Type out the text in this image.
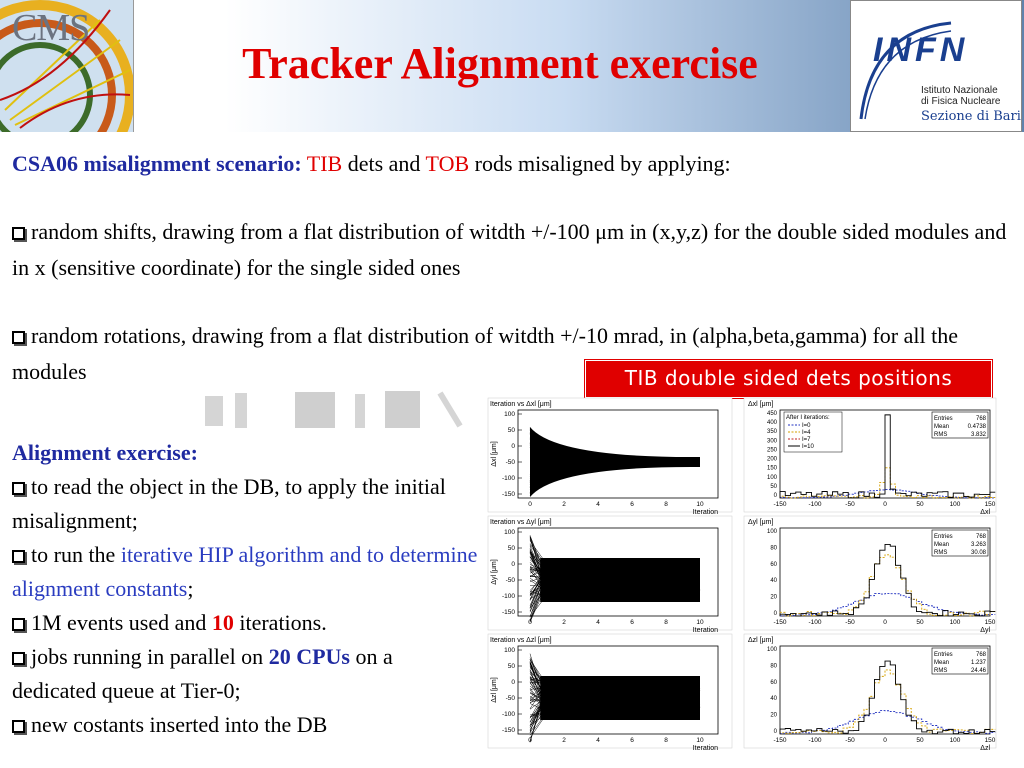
CMS
Tracker Alignment exercise	INFN
Istituto Nazionale
di Fisica Nucleare
Sezione di Bari
CSA06 misalignment scenario: TIB dets and TOB rods misaligned by applying:
random shifts, drawing from a flat distribution of witdth +/-100 μm in (x,y,z) for the double sided modules and in x (sensitive coordinate) for the single sided ones
random rotations, drawing from a flat distribution of witdth +/-10 mrad, in (alpha,beta,gamma) for all the modules
Alignment exercise:
to read the object in the DB, to apply the initial misalignment;
to run the iterative HIP algorithm and to determine alignment constants;
1M events used and 10 iterations.
jobs running in parallel on 20 CPUs on a dedicated queue at Tier-0;
new costants inserted into the DB
TIB double sided dets positions
Iteration vs Δxl [μm]
100
50
0
-50
-100
-150
0	2	4	6	8	10
Iteration
Δxl [μm]
Δxl [μm]
450
400
350
300
250
200
150
100
50
0
-150	-100	-50	0	50	100	150
Δxl
Entries	768
Mean	0.4738
RMS	3.832
After I iterations:
I=0
I=4
I=7
I=10
Iteration vs Δyl [μm]
100
50
0
-50
-100
-150
0	2	4	6	8	10
Iteration
Δyl [μm]
Δyl [μm]
100
80
60
40
20
0
-150	-100	-50	0	50	100	150
Δyl
Entries	768
Mean	3.263
RMS	30.08
Iteration vs Δzl [μm]
100
50
0
-50
-100
-150
0	2	4	6	8	10
Iteration
Δzl [μm]
Δzl [μm]
100
80
60
40
20
0
-150	-100	-50	0	50	100	150
Δzl
Entries	768
Mean	1.237
RMS	24.46
